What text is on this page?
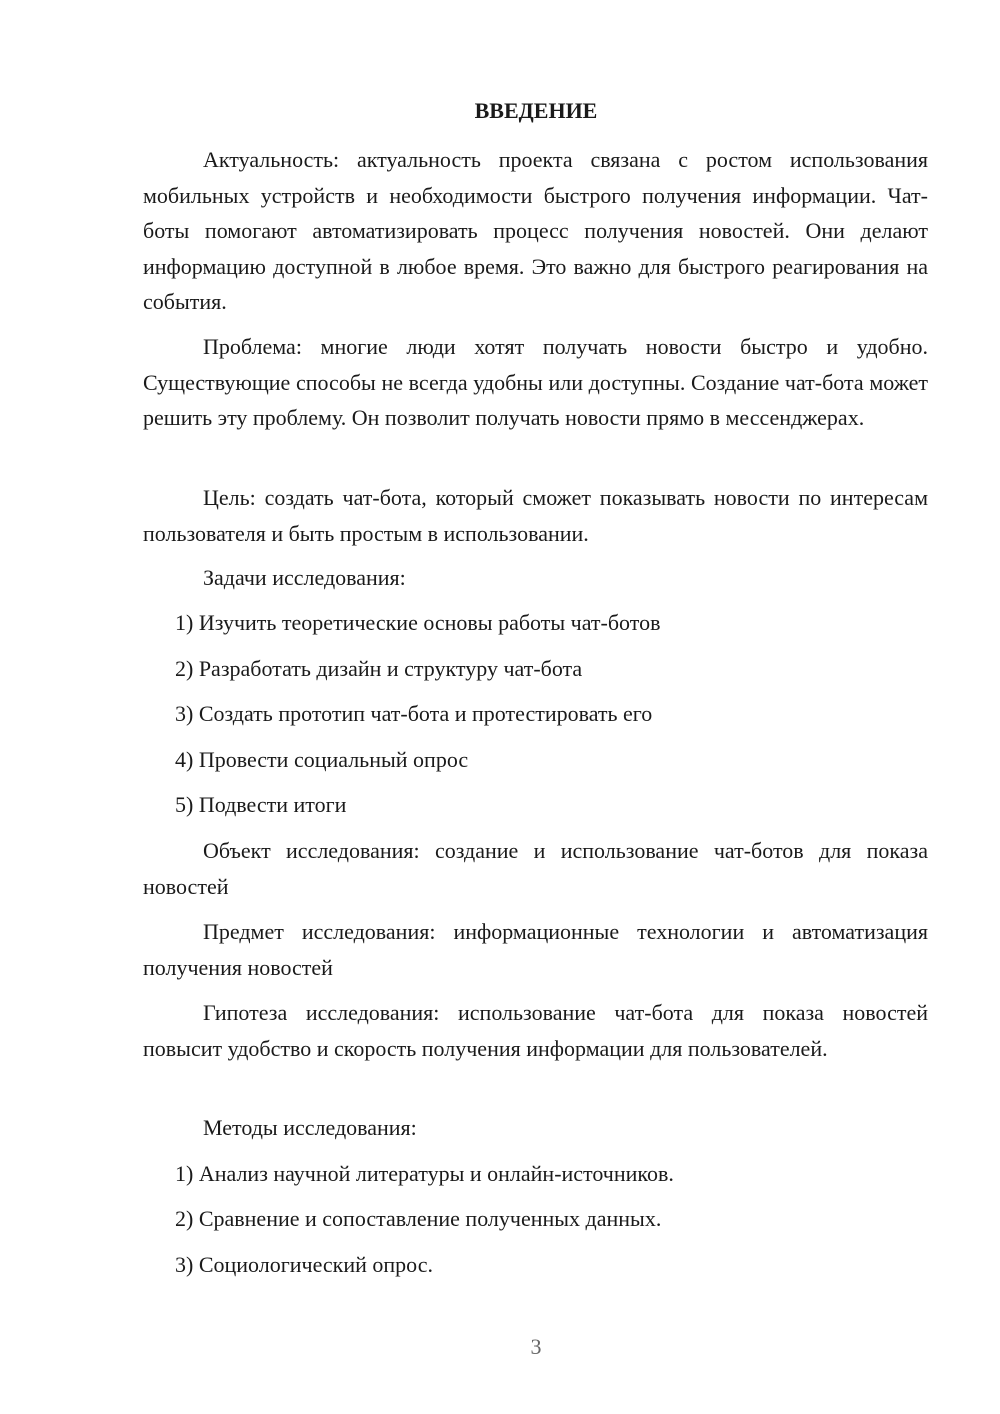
ВВЕДЕНИЕ

Актуальность: актуальность проекта связана с ростом использования мобильных устройств и необходимости быстрого получения информации. Чат-боты помогают автоматизировать процесс получения новостей. Они делают информацию доступной в любое время. Это важно для быстрого реагирования на события.

Проблема: многие люди хотят получать новости быстро и удобно. Существующие способы не всегда удобны или доступны. Создание чат-бота может решить эту проблему. Он позволит получать новости прямо в мессенджерах.

Цель: создать чат-бота, который сможет показывать новости по интересам пользователя и быть простым в использовании.

Задачи исследования:

1) Изучить теоретические основы работы чат-ботов

2) Разработать дизайн и структуру чат-бота

3) Создать прототип чат-бота и протестировать его

4) Провести социальный опрос

5) Подвести итоги

Объект исследования: создание и использование чат-ботов для показа новостей

Предмет исследования: информационные технологии и автоматизация получения новостей

Гипотеза исследования: использование чат-бота для показа новостей повысит удобство и скорость получения информации для пользователей.

Методы исследования:

1) Анализ научной литературы и онлайн-источников.

2) Сравнение и сопоставление полученных данных.

3) Социологический опрос.

3
